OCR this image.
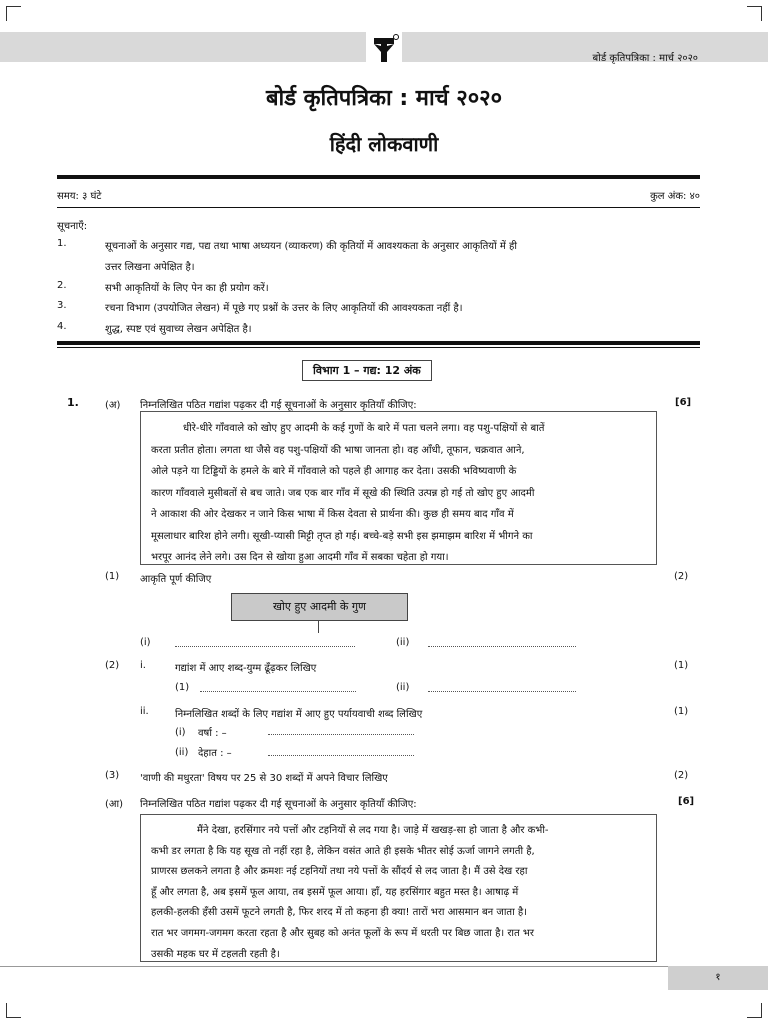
बोर्ड कृतिपत्रिका : मार्च २०२०
बोर्ड कृतिपत्रिका : मार्च २०२०
हिंदी लोकवाणी
समय: ३ घंटे	कुल अंक: ४०
सूचनाएँ:
1.	सूचनाओं के अनुसार गद्य, पद्य तथा भाषा अध्ययन (व्याकरण) की कृतियों में आवश्यकता के अनुसार आकृतियों में ही
उत्तर लिखना अपेक्षित है।
2.	सभी आकृतियों के लिए पेन का ही प्रयोग करें।
3.	रचना विभाग (उपयोजित लेखन) में पूछे गए प्रश्नों के उत्तर के लिए आकृतियों की आवश्यकता नहीं है।
4.	शुद्ध, स्पष्ट एवं सुवाच्य लेखन अपेक्षित है।
विभाग 1 – गद्य: 12 अंक
1.	(अ) निम्नलिखित पठित गद्यांश पढ़कर दी गई सूचनाओं के अनुसार कृतियाँ कीजिए:	[6]
धीरे-धीरे गाँववाले को खोए हुए आदमी के कई गुणों के बारे में पता चलने लगा। वह पशु-पक्षियों से बातें
करता प्रतीत होता। लगता था जैसे वह पशु-पक्षियों की भाषा जानता हो। वह आँधी, तूफान, चक्रवात आने,
ओले पड़ने या टिड्डियों के हमले के बारे में गाँववाले को पहले ही आगाह कर देता। उसकी भविष्यवाणी के
कारण गाँववाले मुसीबतों से बच जाते। जब एक बार गाँव में सूखे की स्थिति उत्पन्न हो गई तो खोए हुए आदमी
ने आकाश की ओर देखकर न जाने किस भाषा में किस देवता से प्रार्थना की। कुछ ही समय बाद गाँव में
मूसलाधार बारिश होने लगी। सूखी-प्यासी मिट्टी तृप्त हो गई। बच्चे-बड़े सभी इस झमाझम बारिश में भीगने का
भरपूर आनंद लेने लगे। उस दिन से खोया हुआ आदमी गाँव में सबका चहेता हो गया।
(1) आकृति पूर्ण कीजिए	(2)
खोए हुए आदमी के गुण
(i)	(ii)
(2) i.	गद्यांश में आए शब्द-युग्म ढूँढ़कर लिखिए	(1)
(1)	(ii)
ii.	निम्नलिखित शब्दों के लिए गद्यांश में आए हुए पर्यायवाची शब्द लिखिए	(1)
(i) वर्षा : –
(ii) देहात : –
(3) 'वाणी की मधुरता' विषय पर 25 से 30 शब्दों में अपने विचार लिखिए	(2)
(आ) निम्नलिखित पठित गद्यांश पढ़कर दी गई सूचनाओं के अनुसार कृतियाँ कीजिए:	[6]
मैंने देखा, हरसिंगार नये पत्तों और टहनियों से लद गया है। जाड़े में खखड़-सा हो जाता है और कभी-
कभी डर लगता है कि यह सूख तो नहीं रहा है, लेकिन वसंत आते ही इसके भीतर सोई ऊर्जा जागने लगती है,
प्राणरस छलकने लगता है और क्रमशः नई टहनियों तथा नये पत्तों के सौंदर्य से लद जाता है। मैं उसे देख रहा
हूँ और लगता है, अब इसमें फूल आया, तब इसमें फूल आया। हाँ, यह हरसिंगार बहुत मस्त है। आषाढ़ में
हलकी-हलकी हँसी उसमें फूटने लगती है, फिर शरद में तो कहना ही क्या! तारों भरा आसमान बन जाता है।
रात भर जगमग-जगमग करता रहता है और सुबह को अनंत फूलों के रूप में धरती पर बिछ जाता है। रात भर
उसकी महक घर में टहलती रहती है।
१
